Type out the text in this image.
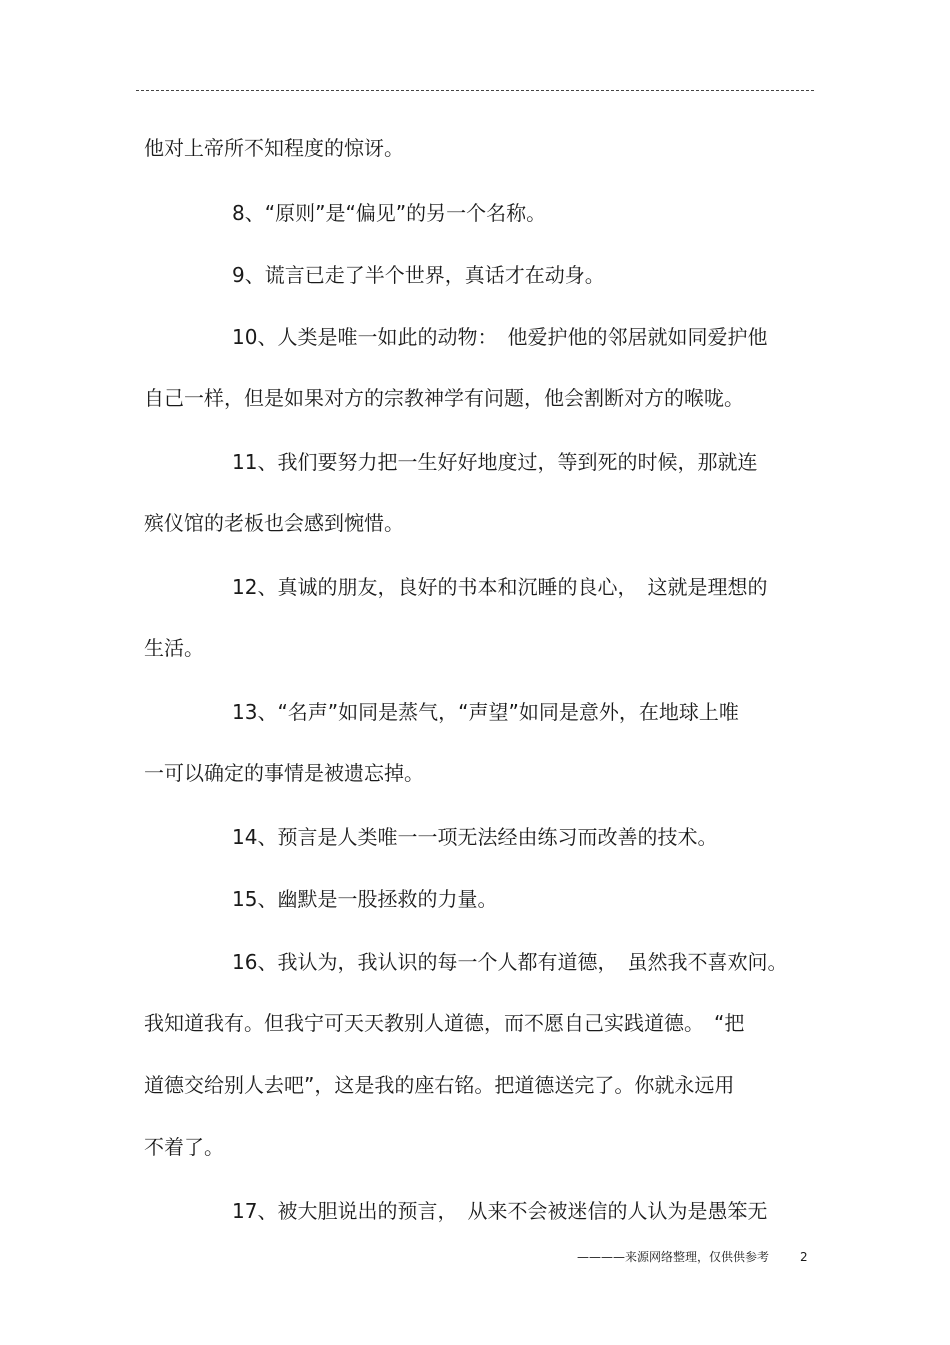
他对上帝所不知程度的惊讶。
8、“原则”是“偏见”的另一个名称。
9、谎言已走了半个世界，真话才在动身。
10、人类是唯一如此的动物：　他爱护他的邻居就如同爱护他
自己一样，但是如果对方的宗教神学有问题，他会割断对方的喉咙。
11、我们要努力把一生好好地度过，等到死的时候，那就连
殡仪馆的老板也会感到惋惜。
12、真诚的朋友，良好的书本和沉睡的良心，　这就是理想的
生活。
13、“名声”如同是蒸气，“声望”如同是意外，在地球上唯
一可以确定的事情是被遗忘掉。
14、预言是人类唯一一项无法经由练习而改善的技术。
15、幽默是一股拯救的力量。
16、我认为，我认识的每一个人都有道德，　虽然我不喜欢问。
我知道我有。但我宁可天天教别人道德，而不愿自己实践道德。　“把
道德交给别人去吧”，这是我的座右铭。把道德送完了。你就永远用
不着了。
17、被大胆说出的预言，　从来不会被迷信的人认为是愚笨无
————来源网络整理，仅供供参考	2
